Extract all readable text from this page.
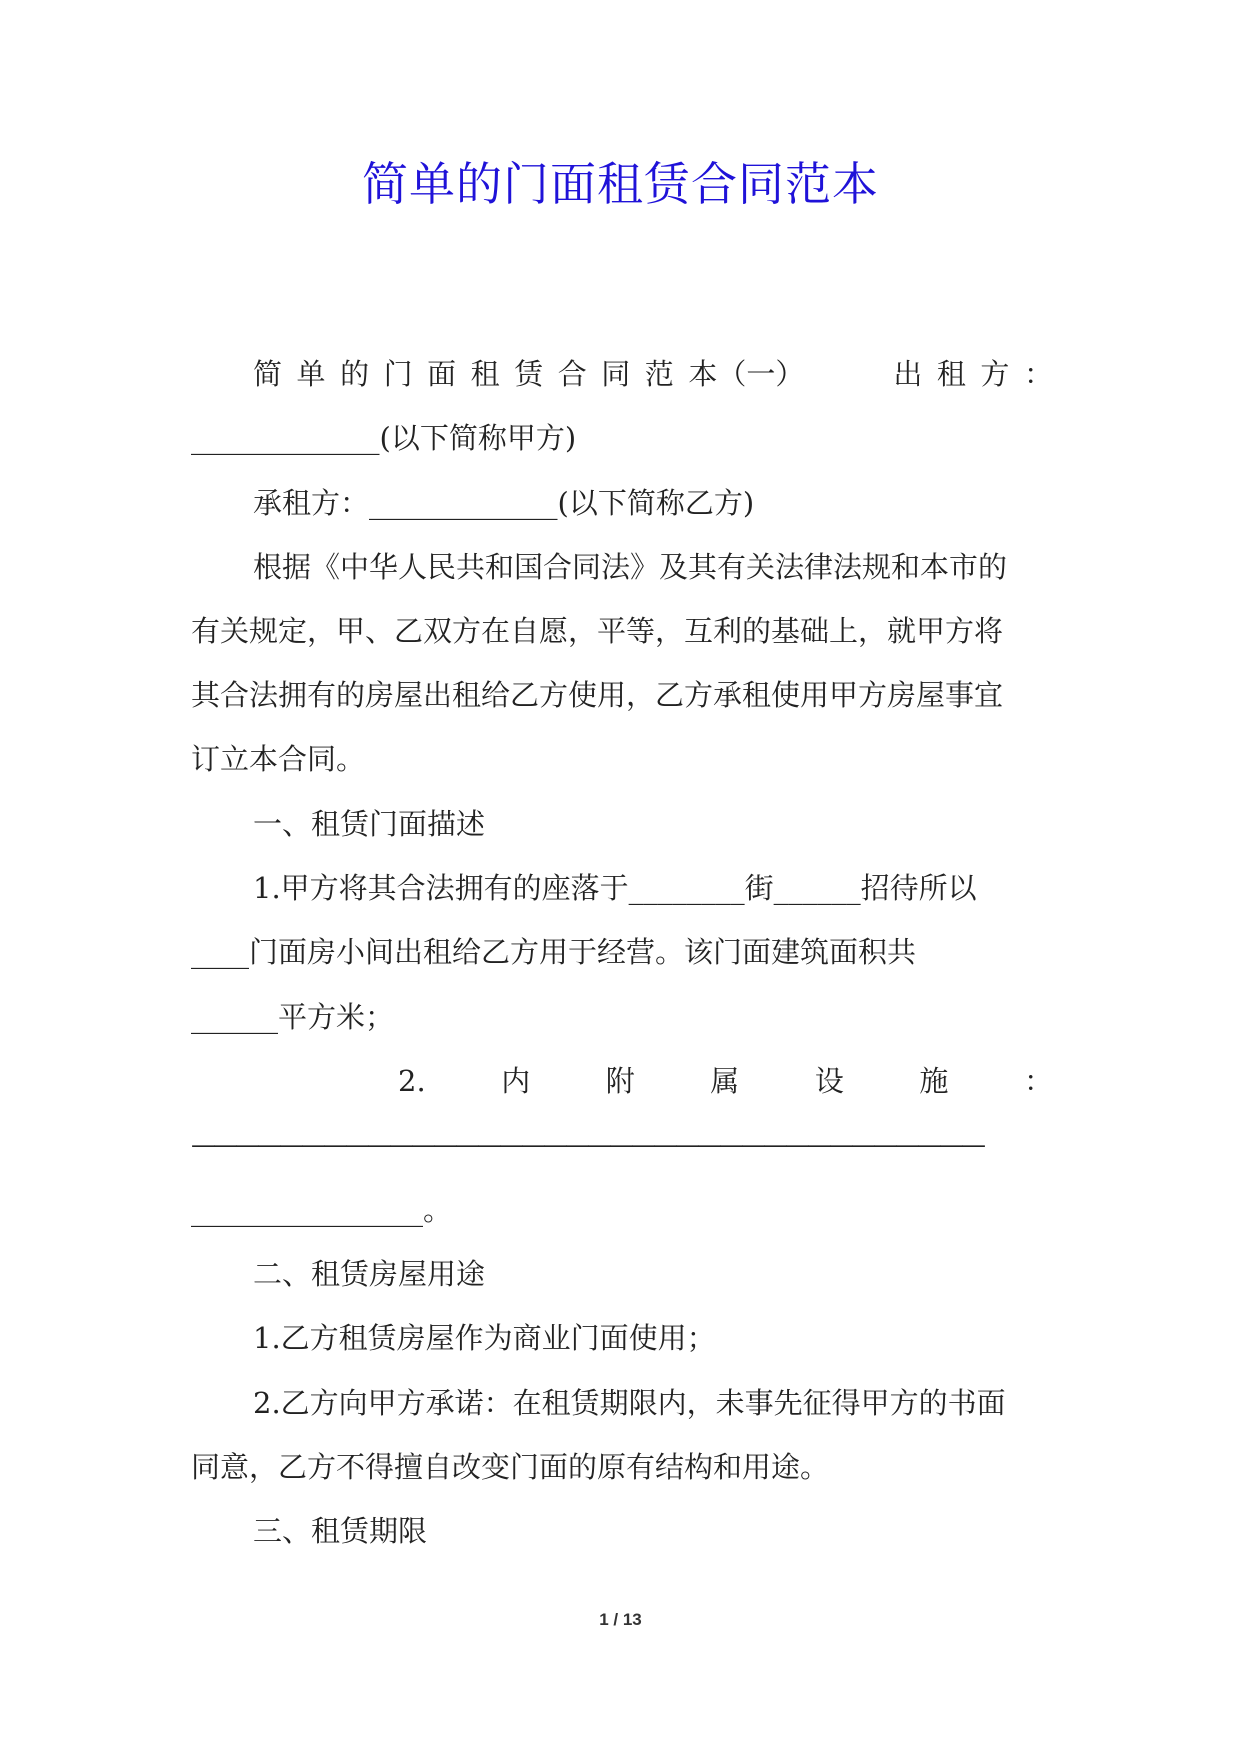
简单的门面租赁合同范本
简 单 的 门 面 租 赁 合 同 范 本（一）	出 租 方 ：
_____________(以下简称甲方)
承租方：_____________(以下简称乙方)
根据《中华人民共和国合同法》及其有关法律法规和本市的
有关规定，甲、乙双方在自愿，平等，互利的基础上，就甲方将
其合法拥有的房屋出租给乙方使用，乙方承租使用甲方房屋事宜
订立本合同。
一、租赁门面描述
1.甲方将其合法拥有的座落于________街______招待所以
____门面房小间出租给乙方用于经营。该门面建筑面积共
______平方米；
2.	内	附	属	设	施	：
————————————————————————————————————
________________。
二、租赁房屋用途
1.乙方租赁房屋作为商业门面使用；
2.乙方向甲方承诺：在租赁期限内，未事先征得甲方的书面
同意，乙方不得擅自改变门面的原有结构和用途。
三、租赁期限
1 / 13
